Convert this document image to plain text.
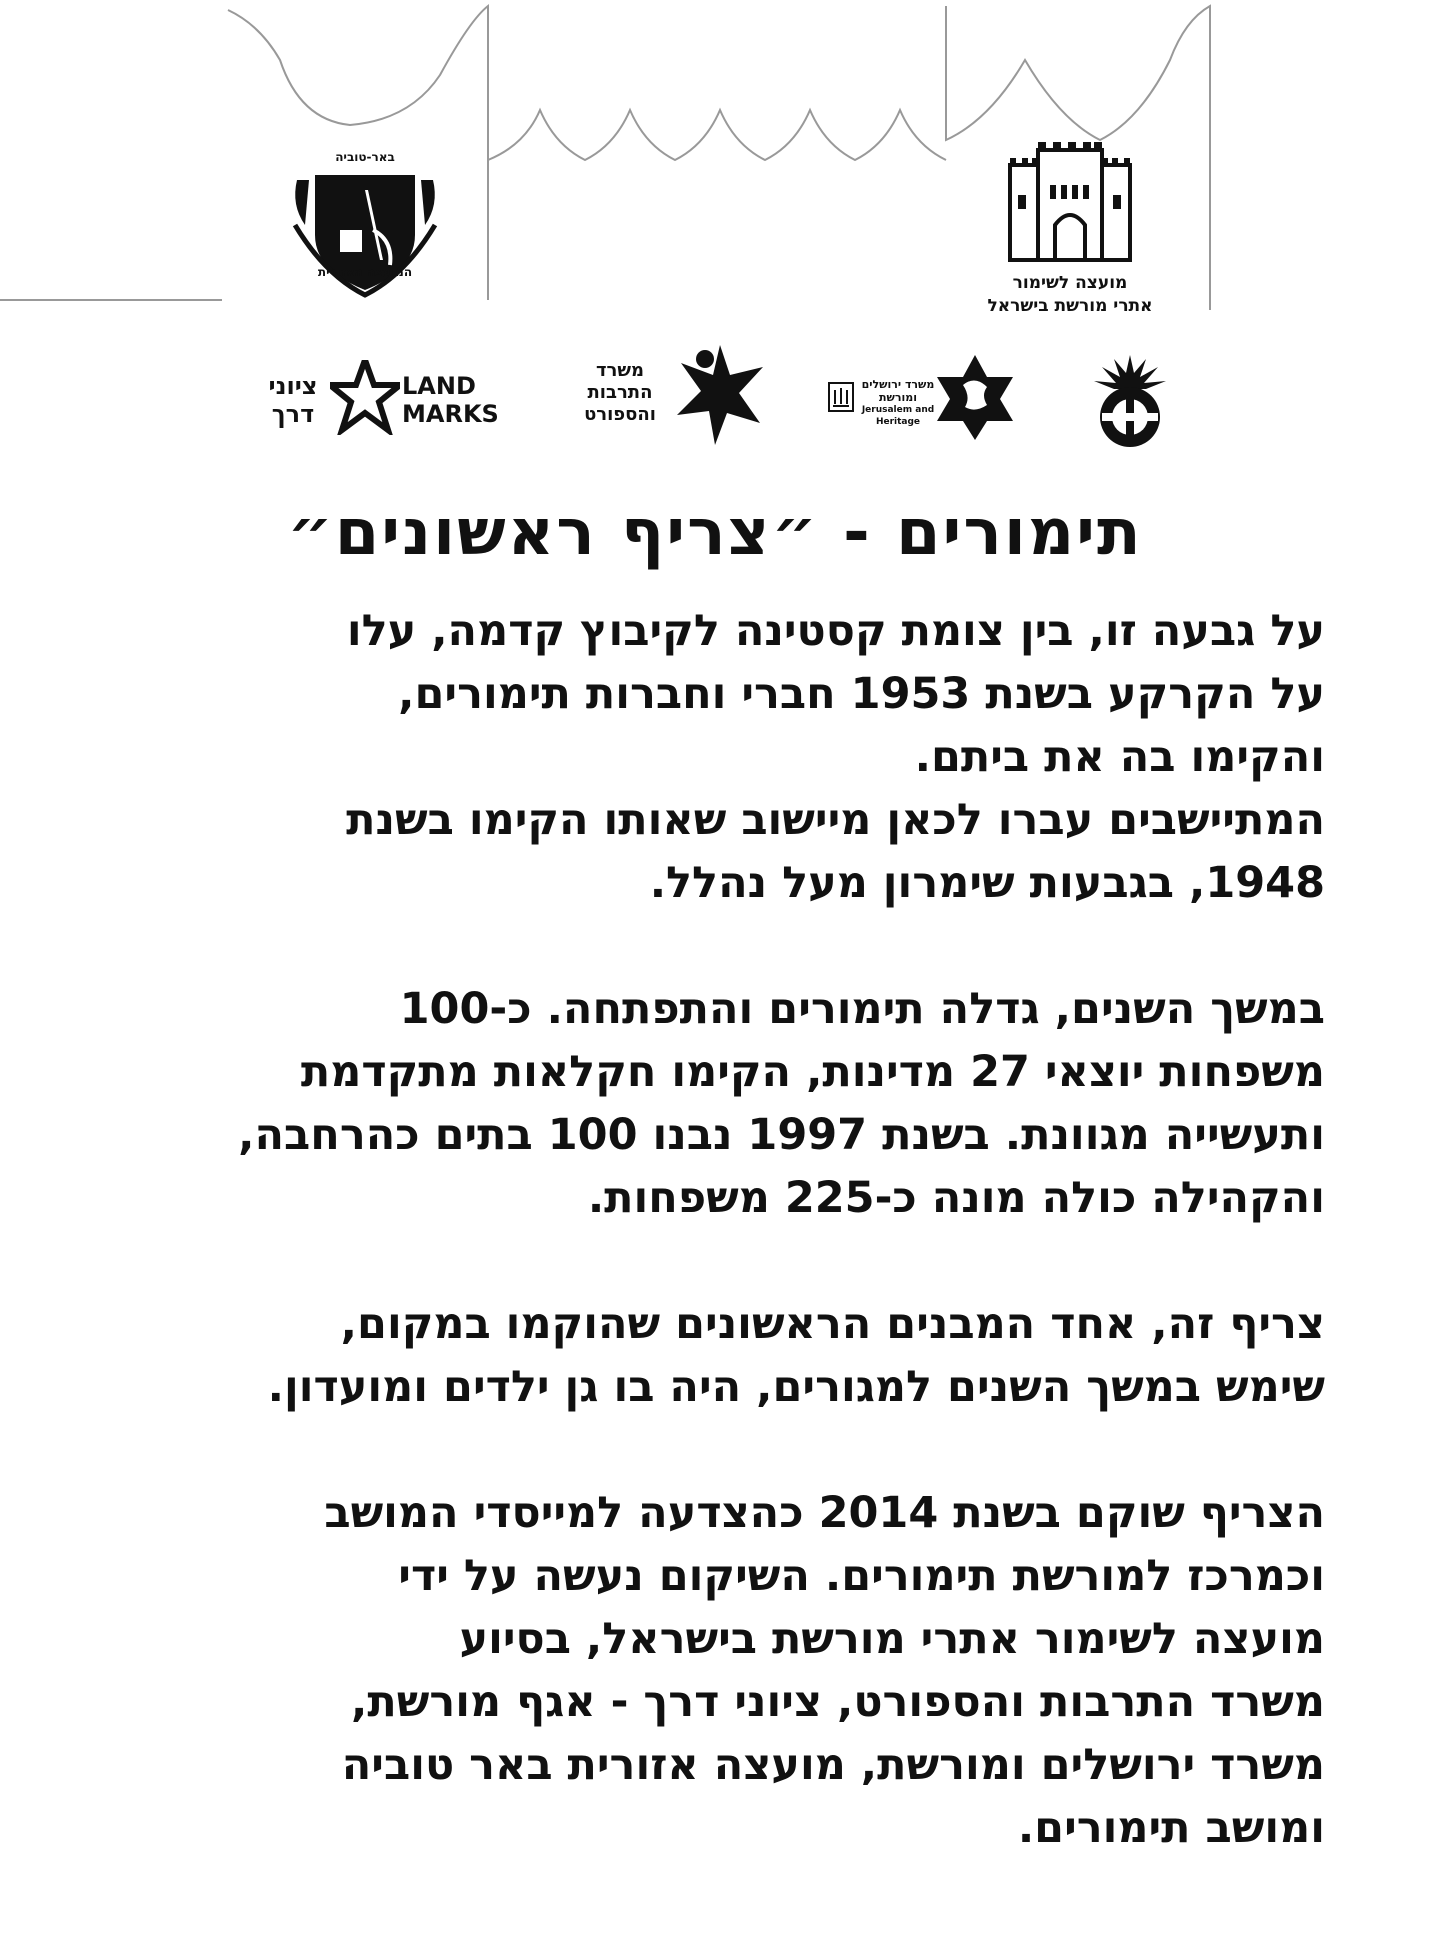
מועצה לשימור
אתרי מורשת בישראל
באר-טוביה
המועצה האזורית
ציוני
דרך
LAND
MARKS
משרד
התרבות
והספורט
משרד ירושלים
ומורשת
Jerusalem and Heritage
תימורים - ״צריף ראשונים״

על גבעה זו, בין צומת קסטינה לקיבוץ קדמה, עלו
על הקרקע בשנת 1953 חברי וחברות תימורים,
והקימו בה את ביתם.
המתיישבים עברו לכאן מיישוב שאותו הקימו בשנת
1948, בגבעות שימרון מעל נהלל.

במשך השנים, גדלה תימורים והתפתחה. כ-100
משפחות יוצאי 27 מדינות, הקימו חקלאות מתקדמת
ותעשייה מגוונת. בשנת 1997 נבנו 100 בתים כהרחבה,
והקהילה כולה מונה כ-225 משפחות.

צריף זה, אחד המבנים הראשונים שהוקמו במקום,
שימש במשך השנים למגורים, היה בו גן ילדים ומועדון.

הצריף שוקם בשנת 2014 כהצדעה למייסדי המושב
וכמרכז למורשת תימורים. השיקום נעשה על ידי
מועצה לשימור אתרי מורשת בישראל, בסיוע
משרד התרבות והספורט, ציוני דרך - אגף מורשת,
משרד ירושלים ומורשת, מועצה אזורית באר טוביה
ומושב תימורים.
